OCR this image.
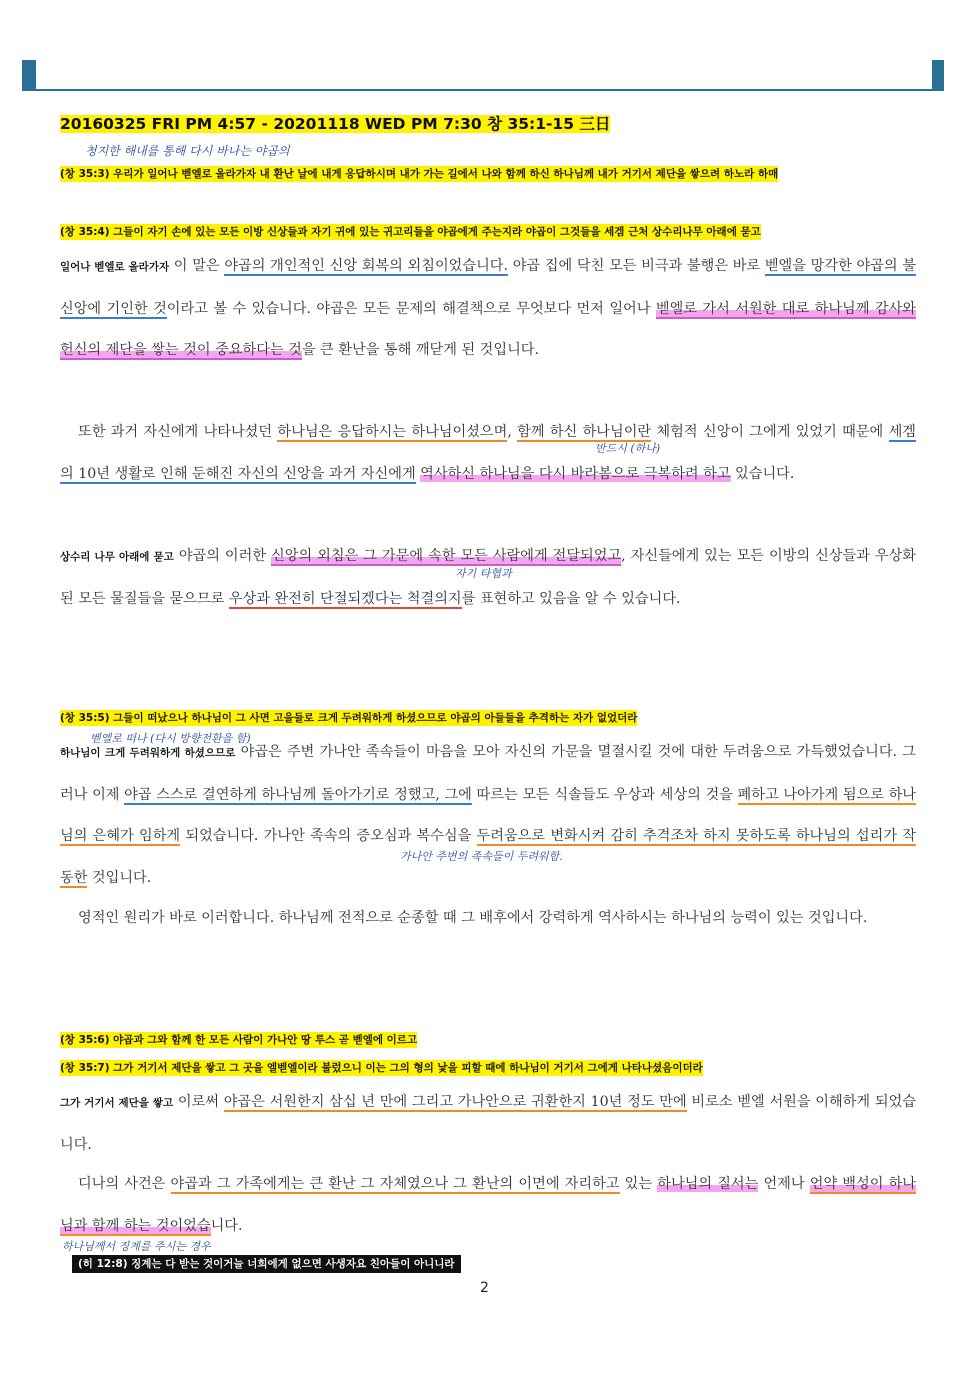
20160325 FRI PM 4:57 - 20201118 WED PM 7:30 창 35:1-15 三日
청지한 해내를 통해 다시 바나는 야곱의
(창 35:3) 우리가 일어나 벧엘로 올라가자 내 환난 날에 내게 응답하시며 내가 가는 길에서 나와 함께 하신 하나님께 내가 거기서 제단을 쌓으려 하노라 하매
(창 35:4) 그들이 자기 손에 있는 모든 이방 신상들과 자기 귀에 있는 귀고리들을 야곱에게 주는지라 야곱이 그것들을 세겜 근처 상수리나무 아래에 묻고
일어나 벧엘로 올라가자 이 말은 야곱의 개인적인 신앙 회복의 외침이었습니다. 야곱 집에 닥친 모든 비극과 불행은 바로 벧엘을 망각한 야곱의 불신앙에 기인한 것이라고 볼 수 있습니다. 야곱은 모든 문제의 해결책으로 무엇보다 먼저 일어나 벧엘로 가서 서원한 대로 하나님께 감사와 헌신의 제단을 쌓는 것이 중요하다는 것을 큰 환난을 통해 깨닫게 된 것입니다.
반드시 (하나)
또한 과거 자신에게 나타나셨던 하나님은 응답하시는 하나님이셨으며, 함께 하신 하나님이란 체험적 신앙이 그에게 있었기 때문에 세겜의 10년 생활로 인해 둔해진 자신의 신앙을 과거 자신에게 역사하신 하나님을 다시 바라봄으로 극복하려 하고 있습니다.
자기 타협과
상수리 나무 아래에 묻고 야곱의 이러한 신앙의 외침은 그 가문에 속한 모든 사람에게 전달되었고, 자신들에게 있는 모든 이방의 신상들과 우상화된 모든 물질들을 묻으므로 우상과 완전히 단절되겠다는 척결의지를 표현하고 있음을 알 수 있습니다.
(창 35:5) 그들이 떠났으나 하나님이 그 사면 고을들로 크게 두려워하게 하셨으므로 야곱의 아들들을 추격하는 자가 없었더라
벧엘로 떠나 (다시 방향전환을 함)
하나님이 크게 두려워하게 하셨으므로 야곱은 주변 가나안 족속들이 마음을 모아 자신의 가문을 멸절시킬 것에 대한 두려움으로 가득했었습니다. 그러나 이제 야곱 스스로 결연하게 하나님께 돌아가기로 정했고, 그에 따르는 모든 식솔들도 우상과 세상의 것을 폐하고 나아가게 됨으로 하나님의 은혜가 임하게 되었습니다. 가나안 족속의 증오심과 복수심을 두려움으로 변화시켜 감히 추격조차 하지 못하도록 하나님의 섭리가 작동한 것입니다.
가나안 주변의 족속들이 두려워함.
영적인 원리가 바로 이러합니다. 하나님께 전적으로 순종할 때 그 배후에서 강력하게 역사하시는 하나님의 능력이 있는 것입니다.
(창 35:6) 야곱과 그와 함께 한 모든 사람이 가나안 땅 루스 곧 벧엘에 이르고
(창 35:7) 그가 거기서 제단을 쌓고 그 곳을 엘벧엘이라 불렀으니 이는 그의 형의 낯을 피할 때에 하나님이 거기서 그에게 나타나셨음이더라
그가 거기서 제단을 쌓고 이로써 야곱은 서원한지 삼십 년 만에 그리고 가나안으로 귀환한지 10년 정도 만에 비로소 벧엘 서원을 이해하게 되었습니다.
디나의 사건은 야곱과 그 가족에게는 큰 환난 그 자체였으나 그 환난의 이면에 자리하고 있는 하나님의 질서는 언제나 언약 백성이 하나님과 함께 하는 것이었습니다.
하나님께서 징계를 주시는 경우
(히 12:8) 징계는 다 받는 것이거늘 너희에게 없으면 사생자요 친아들이 아니니라
2
